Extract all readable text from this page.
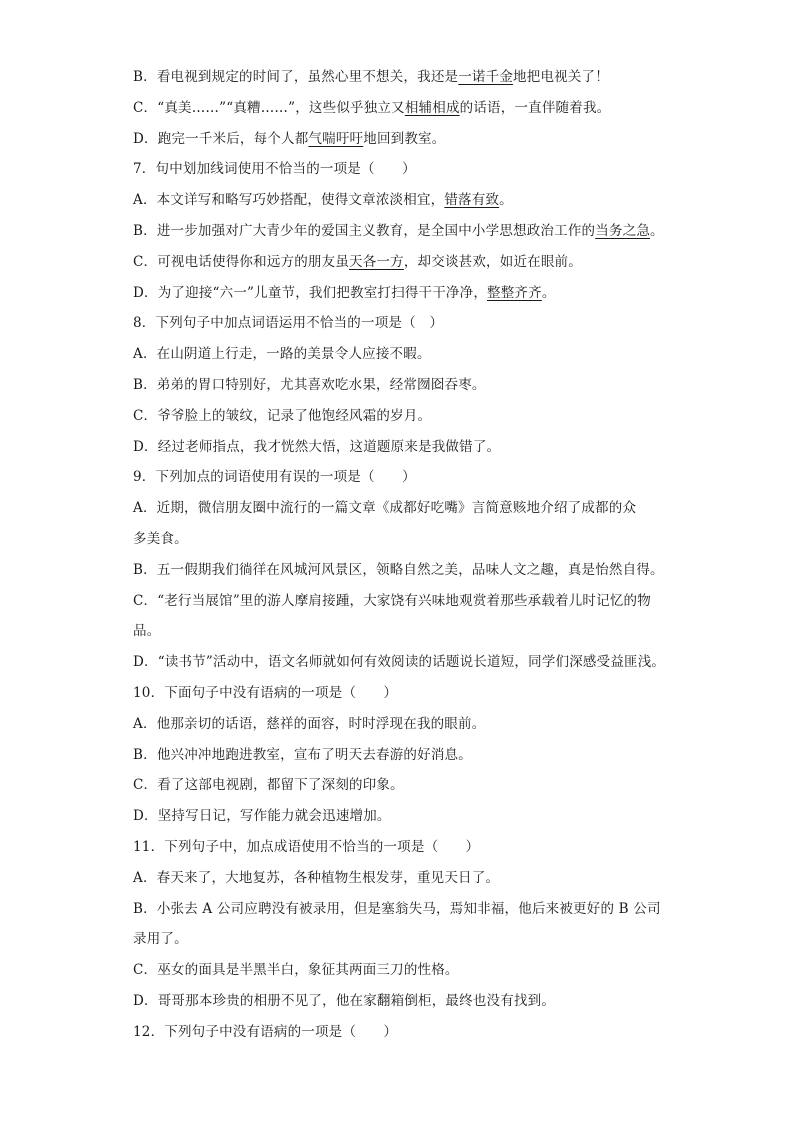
B．看电视到规定的时间了，虽然心里不想关，我还是一诺千金地把电视关了！
C．“真美……”“真糟……”，这些似乎独立又相辅相成的话语，一直伴随着我。
D．跑完一千米后，每个人都气喘吁吁地回到教室。
7．句中划加线词使用不恰当的一项是（　　）
A．本文详写和略写巧妙搭配，使得文章浓淡相宜，错落有致。
B．进一步加强对广大青少年的爱国主义教育，是全国中小学思想政治工作的当务之急。
C．可视电话使得你和远方的朋友虽天各一方，却交谈甚欢，如近在眼前。
D．为了迎接“六一”儿童节，我们把教室打扫得干干净净，整整齐齐。
8．下列句子中加点词语运用不恰当的一项是（　）
A．在山阴道上行走，一路的美景令人应接不暇。
B．弟弟的胃口特别好，尤其喜欢吃水果，经常囫囵吞枣。
C．爷爷脸上的皱纹，记录了他饱经风霜的岁月。
D．经过老师指点，我才恍然大悟，这道题原来是我做错了。
9．下列加点的词语使用有误的一项是（　　）
A．近期，微信朋友圈中流行的一篇文章《成都好吃嘴》言简意赅地介绍了成都的众
多美食。
B．五一假期我们徜徉在风城河风景区，领略自然之美，品味人文之趣，真是怡然自得。
C．“老行当展馆”里的游人摩肩接踵，大家饶有兴味地观赏着那些承载着儿时记忆的物
品。
D．“读书节”活动中，语文名师就如何有效阅读的话题说长道短，同学们深感受益匪浅。
10．下面句子中没有语病的一项是（　　）
A．他那亲切的话语，慈祥的面容，时时浮现在我的眼前。
B．他兴冲冲地跑进教室，宣布了明天去春游的好消息。
C．看了这部电视剧，都留下了深刻的印象。
D．坚持写日记，写作能力就会迅速增加。
11．下列句子中，加点成语使用不恰当的一项是（　　）
A．春天来了，大地复苏，各种植物生根发芽，重见天日了。
B．小张去 A 公司应聘没有被录用，但是塞翁失马，焉知非福，他后来被更好的 B 公司
录用了。
C．巫女的面具是半黑半白，象征其两面三刀的性格。
D．哥哥那本珍贵的相册不见了，他在家翻箱倒柜，最终也没有找到。
12．下列句子中没有语病的一项是（　　）
